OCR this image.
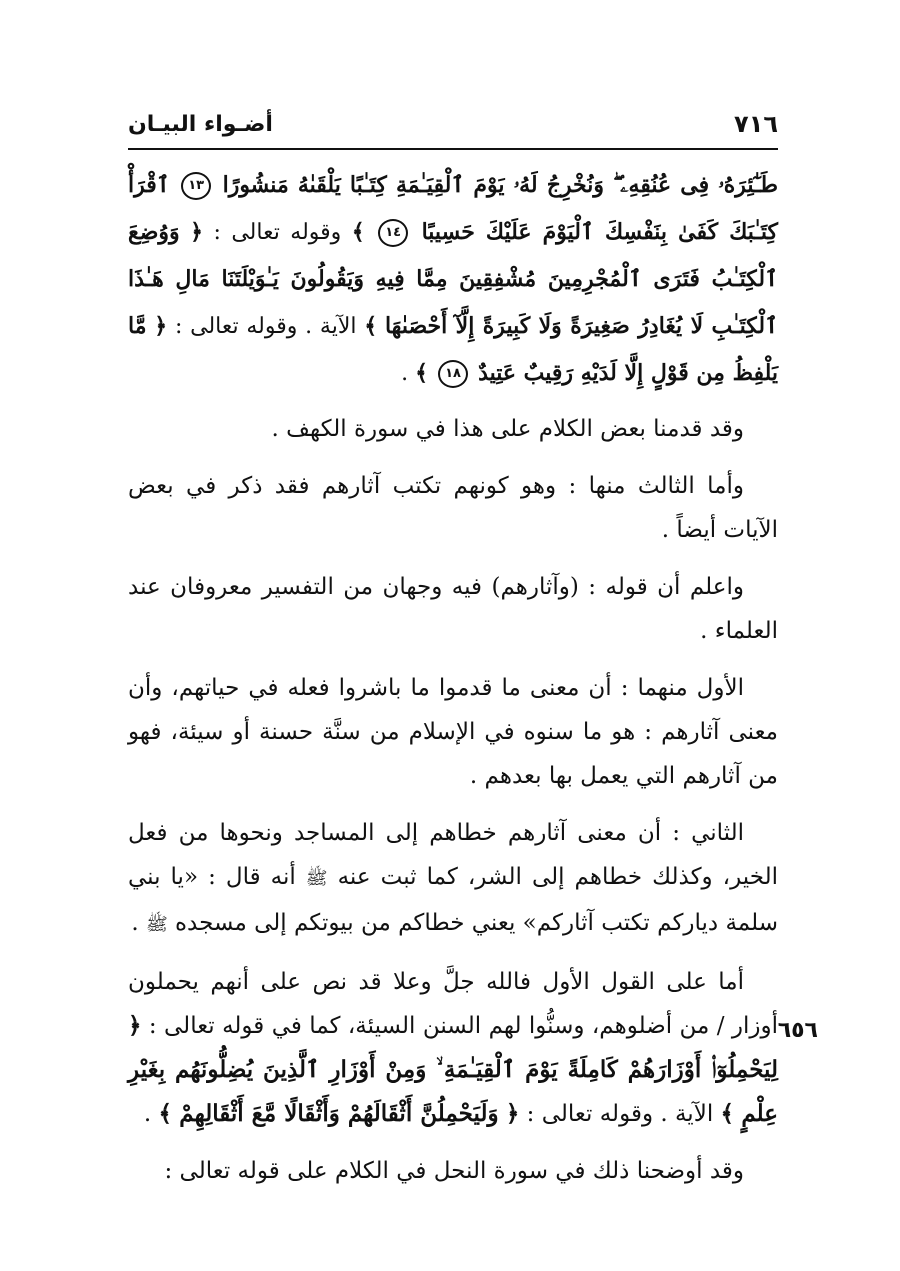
٧١٦
أضـواء البيـان
٦٥٦

طَـٰٓئِرَهُۥ فِى عُنُقِهِۦ ۖ وَنُخْرِجُ لَهُۥ يَوْمَ ٱلْقِيَـٰمَةِ كِتَـٰبًا يَلْقَىٰهُ مَنشُورًا ١٣ ٱقْرَأْ كِتَـٰبَكَ كَفَىٰ بِنَفْسِكَ ٱلْيَوْمَ عَلَيْكَ حَسِيبًا ١٤ ﴾ وقوله تعالى : ﴿ وَوُضِعَ ٱلْكِتَـٰبُ فَتَرَى ٱلْمُجْرِمِينَ مُشْفِقِينَ مِمَّا فِيهِ وَيَقُولُونَ يَـٰوَيْلَتَنَا مَالِ هَـٰذَا ٱلْكِتَـٰبِ لَا يُغَادِرُ صَغِيرَةً وَلَا كَبِيرَةً إِلَّآ أَحْصَىٰهَا ﴾ الآية . وقوله تعالى : ﴿ مَّا يَلْفِظُ مِن قَوْلٍ إِلَّا لَدَيْهِ رَقِيبٌ عَتِيدٌ ١٨ ﴾ .

وقد قدمنا بعض الكلام على هذا في سورة الكهف .

وأما الثالث منها : وهو كونهم تكتب آثارهم فقد ذكر في بعض الآيات أيضاً .

واعلم أن قوله : (وآثارهم) فيه وجهان من التفسير معروفان عند العلماء .

الأول منهما : أن معنى ما قدموا ما باشروا فعله في حياتهم، وأن معنى آثارهم : هو ما سنوه في الإسلام من سنَّة حسنة أو سيئة، فهو من آثارهم التي يعمل بها بعدهم .

الثاني : أن معنى آثارهم خطاهم إلى المساجد ونحوها من فعل الخير، وكذلك خطاهم إلى الشر، كما ثبت عنه ﷺ أنه قال : «يا بني سلمة دياركم تكتب آثاركم» يعني خطاكم من بيوتكم إلى مسجده ﷺ .

أما على القول الأول فالله جلَّ وعلا قد نص على أنهم يحملون أوزار / من أضلوهم، وسنُّوا لهم السنن السيئة، كما في قوله تعالى : ﴿ لِيَحْمِلُوٓا۟ أَوْزَارَهُمْ كَامِلَةً يَوْمَ ٱلْقِيَـٰمَةِ ۙ وَمِنْ أَوْزَارِ ٱلَّذِينَ يُضِلُّونَهُم بِغَيْرِ عِلْمٍ ﴾ الآية . وقوله تعالى : ﴿ وَلَيَحْمِلُنَّ أَثْقَالَهُمْ وَأَثْقَالًا مَّعَ أَثْقَالِهِمْ ﴾ .

وقد أوضحنا ذلك في سورة النحل في الكلام على قوله تعالى :
